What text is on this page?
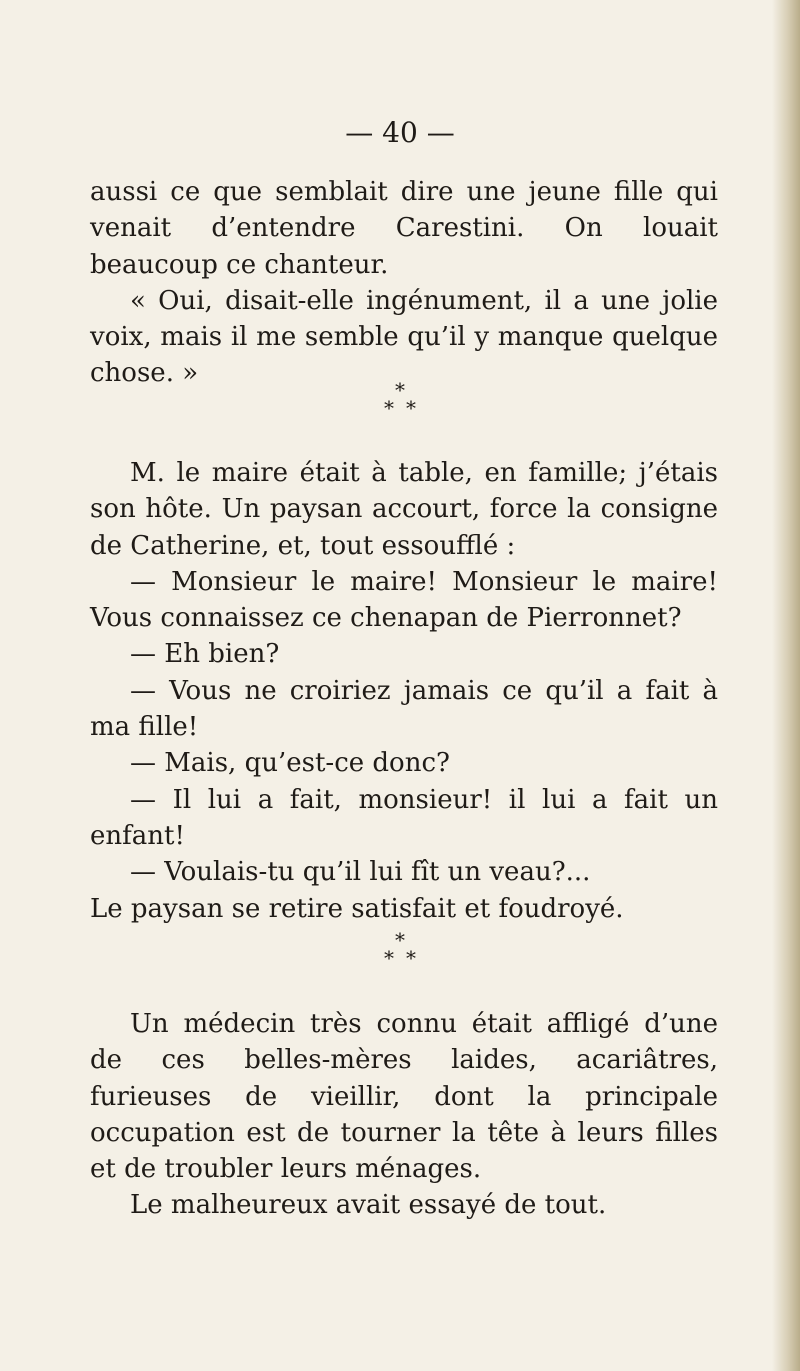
— 40 —

aussi ce que semblait dire une jeune fille qui venait d’entendre Carestini. On louait beaucoup ce chanteur.

« Oui, disait-elle ingénument, il a une jolie voix, mais il me semble qu’il y manque quelque chose. »

*
**

M. le maire était à table, en famille; j’étais son hôte. Un paysan accourt, force la consigne de Catherine, et, tout essoufflé :

— Monsieur le maire! Monsieur le maire! Vous connaissez ce chenapan de Pierronnet?

— Eh bien?

— Vous ne croiriez jamais ce qu’il a fait à ma fille!

— Mais, qu’est-ce donc?

— Il lui a fait, monsieur! il lui a fait un enfant!

— Voulais-tu qu’il lui fît un veau?...

Le paysan se retire satisfait et foudroyé.

*
**

Un médecin très connu était affligé d’une de ces belles-mères laides, acariâtres, furieuses de vieillir, dont la principale occupation est de tourner la tête à leurs filles et de troubler leurs ménages.

Le malheureux avait essayé de tout.
